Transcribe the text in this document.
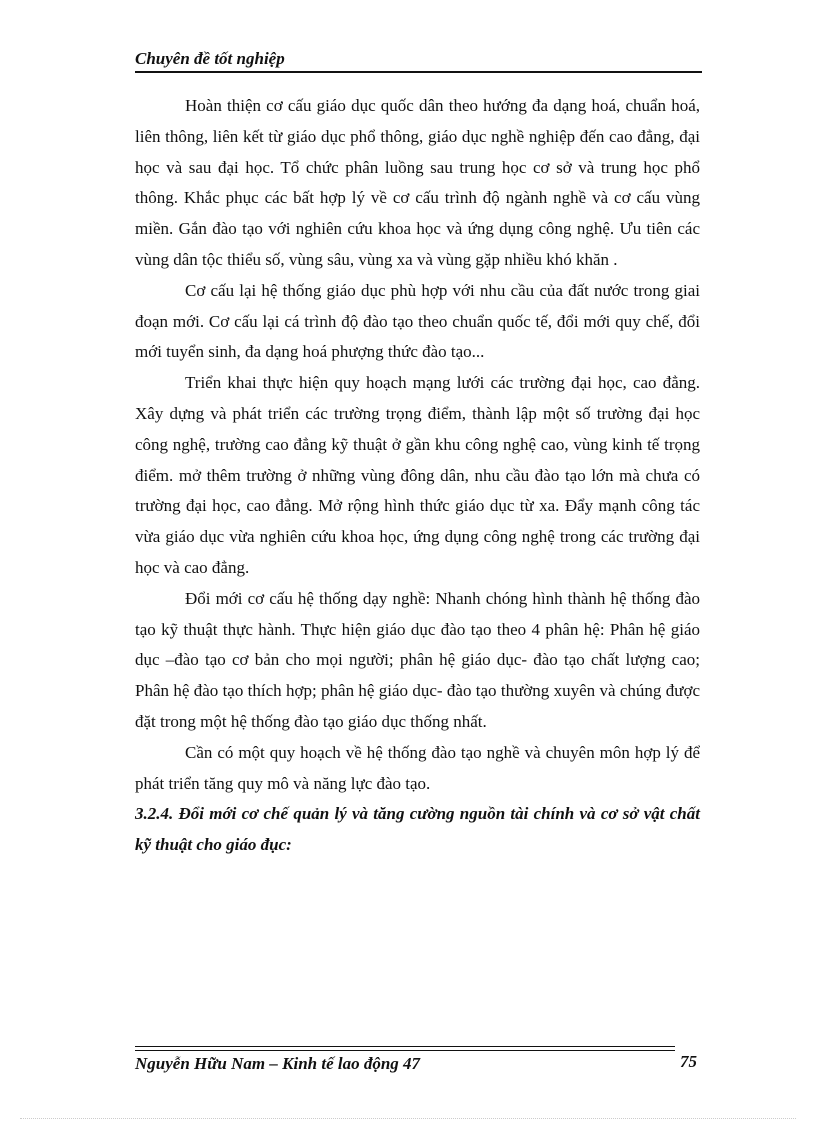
Chuyên đề tốt nghiệp

Hoàn thiện cơ cấu giáo dục quốc dân theo hướng đa dạng hoá, chuẩn hoá, liên thông, liên kết từ giáo dục phổ thông, giáo dục nghề nghiệp đến cao đẳng, đại học và sau đại học. Tổ chức phân luồng sau trung học cơ sở và trung học phổ thông. Khắc phục các bất hợp lý về cơ cấu trình độ ngành nghề và cơ cấu vùng miền. Gắn đào tạo với nghiên cứu khoa học và ứng dụng công nghệ. Ưu tiên các vùng dân tộc thiểu số, vùng sâu, vùng xa và vùng gặp nhiều khó khăn .

Cơ cấu lại hệ thống giáo dục phù hợp với nhu cầu của đất nước trong giai đoạn mới. Cơ cấu lại cá trình độ đào tạo theo chuẩn quốc tế, đổi mới quy chế, đổi mới tuyển sinh, đa dạng hoá phượng thức đào tạo...

Triển khai thực hiện quy hoạch mạng lưới các trường đại học, cao đẳng. Xây dựng và phát triển các trường trọng điểm, thành lập một số trường đại học công nghệ, trường cao đẳng kỹ thuật ở gần khu công nghệ cao, vùng kinh tế trọng điểm. mở thêm trường ở những vùng đông dân, nhu cầu đào tạo lớn mà chưa có trường đại học, cao đẳng. Mở rộng hình thức giáo dục từ xa. Đẩy mạnh công tác vừa giáo dục vừa nghiên cứu khoa học, ứng dụng công nghệ trong các trường đại học và cao đẳng.

Đổi mới cơ cấu hệ thống dạy nghề: Nhanh chóng hình thành hệ thống đào tạo kỹ thuật thực hành. Thực hiện giáo dục đào tạo theo 4 phân hệ: Phân hệ giáo dục –đào tạo cơ bản cho mọi người; phân hệ giáo dục- đào tạo chất lượng cao; Phân hệ đào tạo thích hợp; phân hệ giáo dục- đào tạo thường xuyên và chúng được đặt trong một hệ thống đào tạo giáo dục thống nhất.

Cần có một quy hoạch về hệ thống đào tạo nghề và chuyên môn hợp lý để phát triển tăng quy mô và năng lực đào tạo.

3.2.4. Đổi mới cơ chế quản lý và tăng cường nguồn tài chính và cơ sở vật chất kỹ thuật cho giáo đục:

Nguyễn Hữu Nam – Kinh tế lao động 47	75
